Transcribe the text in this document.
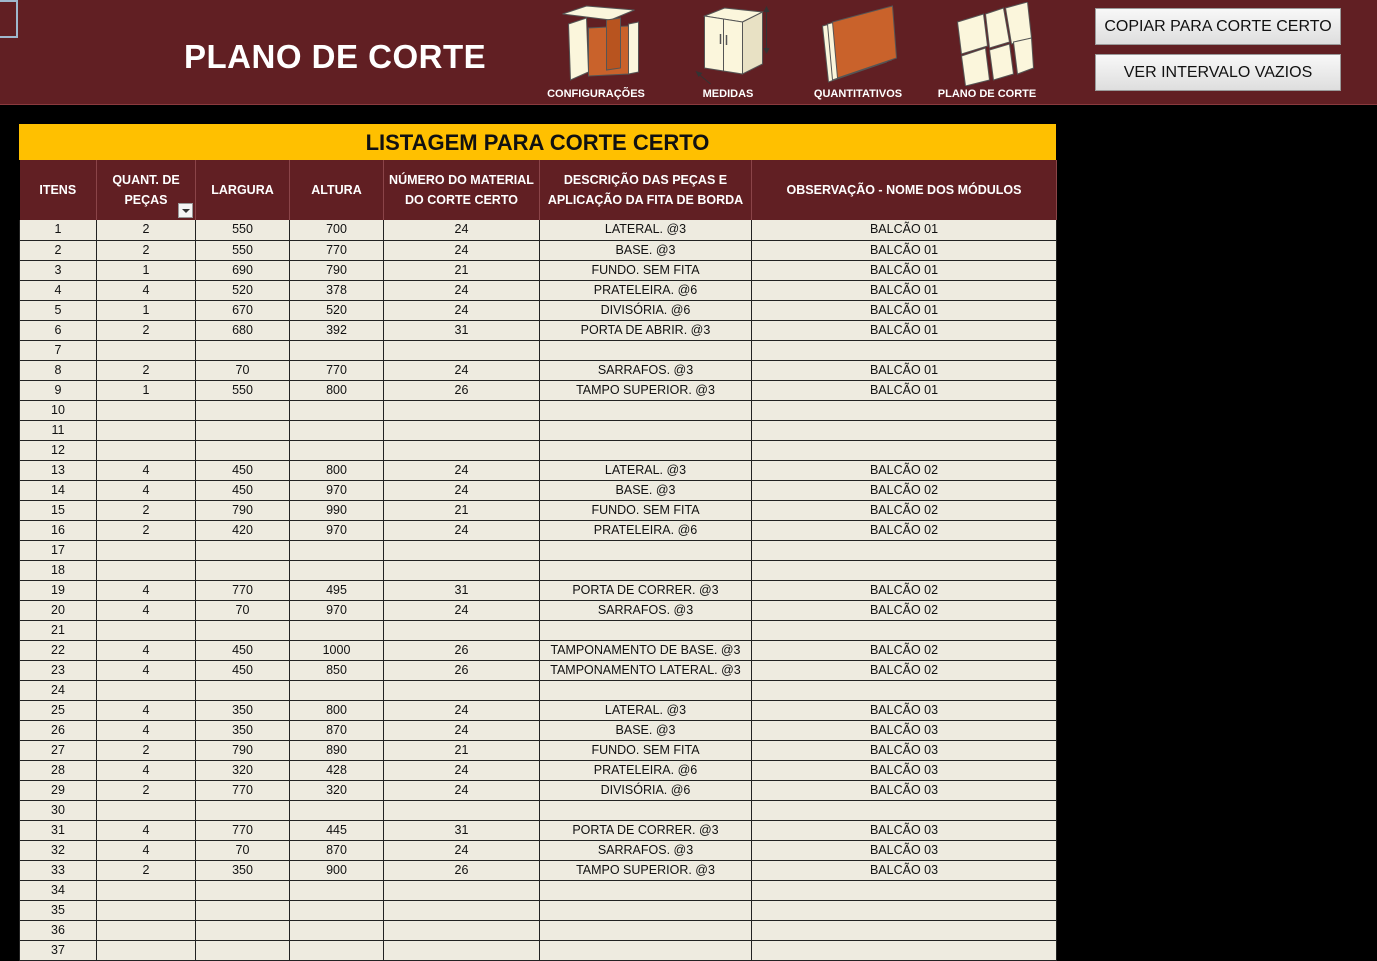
PLANO DE CORTE
CONFIGURAÇÕES	MEDIDAS	QUANTITATIVOS	PLANO DE CORTE
COPIAR PARA CORTE CERTO
VER INTERVALO VAZIOS
LISTAGEM PARA CORTE CERTO
ITENS	QUANT. DE PEÇAS	LARGURA	ALTURA	NÚMERO DO MATERIAL DO CORTE CERTO	DESCRIÇÃO DAS PEÇAS E APLICAÇÃO DA FITA DE BORDA	OBSERVAÇÃO - NOME DOS MÓDULOS
1	2	550	700	24	LATERAL. @3	BALCÃO 01
2	2	550	770	24	BASE. @3	BALCÃO 01
3	1	690	790	21	FUNDO. SEM FITA	BALCÃO 01
4	4	520	378	24	PRATELEIRA. @6	BALCÃO 01
5	1	670	520	24	DIVISÓRIA. @6	BALCÃO 01
6	2	680	392	31	PORTA DE ABRIR. @3	BALCÃO 01
7						
8	2	70	770	24	SARRAFOS. @3	BALCÃO 01
9	1	550	800	26	TAMPO SUPERIOR. @3	BALCÃO 01
10						
11						
12						
13	4	450	800	24	LATERAL. @3	BALCÃO 02
14	4	450	970	24	BASE. @3	BALCÃO 02
15	2	790	990	21	FUNDO. SEM FITA	BALCÃO 02
16	2	420	970	24	PRATELEIRA. @6	BALCÃO 02
17						
18						
19	4	770	495	31	PORTA DE CORRER. @3	BALCÃO 02
20	4	70	970	24	SARRAFOS. @3	BALCÃO 02
21						
22	4	450	1000	26	TAMPONAMENTO DE BASE. @3	BALCÃO 02
23	4	450	850	26	TAMPONAMENTO LATERAL. @3	BALCÃO 02
24						
25	4	350	800	24	LATERAL. @3	BALCÃO 03
26	4	350	870	24	BASE. @3	BALCÃO 03
27	2	790	890	21	FUNDO. SEM FITA	BALCÃO 03
28	4	320	428	24	PRATELEIRA. @6	BALCÃO 03
29	2	770	320	24	DIVISÓRIA. @6	BALCÃO 03
30						
31	4	770	445	31	PORTA DE CORRER. @3	BALCÃO 03
32	4	70	870	24	SARRAFOS. @3	BALCÃO 03
33	2	350	900	26	TAMPO SUPERIOR. @3	BALCÃO 03
34						
35						
36						
37						
